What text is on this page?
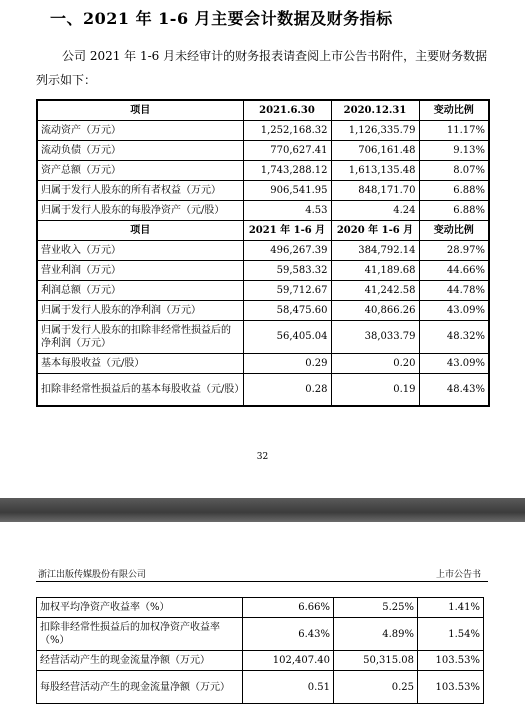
一、2021 年 1-6 月主要会计数据及财务指标
公司 2021 年 1-6 月未经审计的财务报表请查阅上市公告书附件，主要财务数据列示如下：
项目	2021.6.30	2020.12.31	变动比例
流动资产（万元）	1,252,168.32	1,126,335.79	11.17%
流动负债（万元）	770,627.41	706,161.48	9.13%
资产总额（万元）	1,743,288.12	1,613,135.48	8.07%
归属于发行人股东的所有者权益（万元）	906,541.95	848,171.70	6.88%
归属于发行人股东的每股净资产（元/股）	4.53	4.24	6.88%
项目	2021 年 1-6 月	2020 年 1-6 月	变动比例
营业收入（万元）	496,267.39	384,792.14	28.97%
营业利润（万元）	59,583.32	41,189.68	44.66%
利润总额（万元）	59,712.67	41,242.58	44.78%
归属于发行人股东的净利润（万元）	58,475.60	40,866.26	43.09%
归属于发行人股东的扣除非经常性损益后的净利润（万元）	56,405.04	38,033.79	48.32%
基本每股收益（元/股）	0.29	0.20	43.09%
扣除非经常性损益后的基本每股收益（元/股）	0.28	0.19	48.43%
32
浙江出版传媒股份有限公司	上市公告书
加权平均净资产收益率（%）	6.66%	5.25%	1.41%
扣除非经常性损益后的加权净资产收益率（%）	6.43%	4.89%	1.54%
经营活动产生的现金流量净额（万元）	102,407.40	50,315.08	103.53%
每股经营活动产生的现金流量净额（万元）	0.51	0.25	103.53%
